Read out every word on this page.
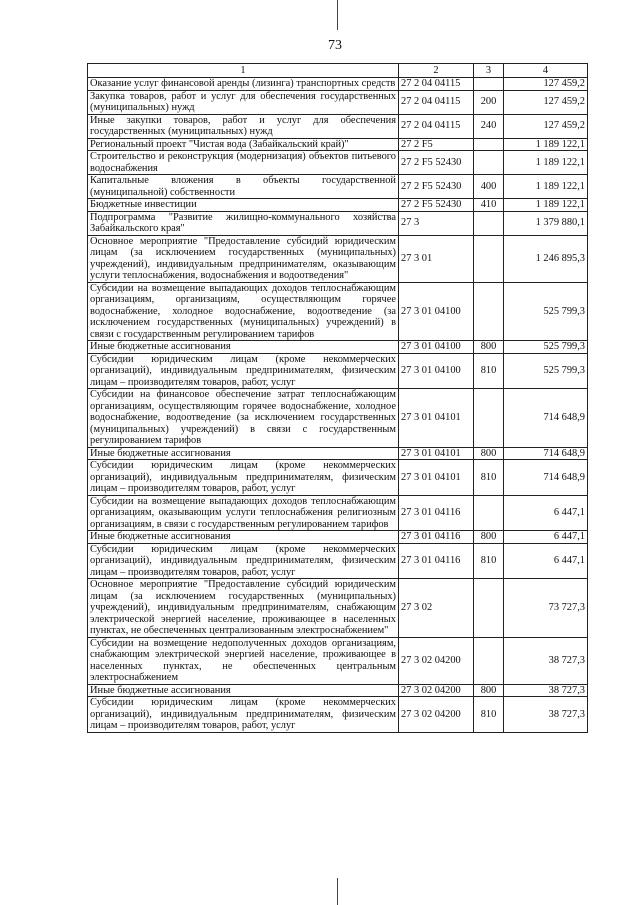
73
1	2	3	4
Оказание услуг финансовой аренды (лизинга) транспортных средств	27 2 04 04115		127 459,2
Закупка товаров, работ и услуг для обеспечения государственных (муниципальных) нужд	27 2 04 04115	200	127 459,2
Иные закупки товаров, работ и услуг для обеспечения государственных (муниципальных) нужд	27 2 04 04115	240	127 459,2
Региональный проект "Чистая вода (Забайкальский край)"	27 2 F5		1 189 122,1
Строительство и реконструкция (модернизация) объектов питьевого водоснабжения	27 2 F5 52430		1 189 122,1
Капитальные вложения в объекты государственной (муниципальной) собственности	27 2 F5 52430	400	1 189 122,1
Бюджетные инвестиции	27 2 F5 52430	410	1 189 122,1
Подпрограмма "Развитие жилищно-коммунального хозяйства Забайкальского края"	27 3		1 379 880,1
Основное мероприятие "Предоставление субсидий юридическим лицам (за исключением государственных (муниципальных) учреждений), индивидуальным предпринимателям, оказывающим услуги теплоснабжения, водоснабжения и водоотведения"	27 3 01		1 246 895,3
Субсидии на возмещение выпадающих доходов теплоснабжающим организациям, организациям, осуществляющим горячее водоснабжение, холодное водоснабжение, водоотведение (за исключением государственных (муниципальных) учреждений) в связи с государственным регулированием тарифов	27 3 01 04100		525 799,3
Иные бюджетные ассигнования	27 3 01 04100	800	525 799,3
Субсидии юридическим лицам (кроме некоммерческих организаций), индивидуальным предпринимателям, физическим лицам – производителям товаров, работ, услуг	27 3 01 04100	810	525 799,3
Субсидии на финансовое обеспечение затрат теплоснабжающим организациям, осуществляющим горячее водоснабжение, холодное водоснабжение, водоотведение (за исключением государственных (муниципальных) учреждений) в связи с государственным регулированием тарифов	27 3 01 04101		714 648,9
Иные бюджетные ассигнования	27 3 01 04101	800	714 648,9
Субсидии юридическим лицам (кроме некоммерческих организаций), индивидуальным предпринимателям, физическим лицам – производителям товаров, работ, услуг	27 3 01 04101	810	714 648,9
Субсидии на возмещение выпадающих доходов теплоснабжающим организациям, оказывающим услуги теплоснабжения религиозным организациям, в связи с государственным регулированием тарифов	27 3 01 04116		6 447,1
Иные бюджетные ассигнования	27 3 01 04116	800	6 447,1
Субсидии юридическим лицам (кроме некоммерческих организаций), индивидуальным предпринимателям, физическим лицам – производителям товаров, работ, услуг	27 3 01 04116	810	6 447,1
Основное мероприятие "Предоставление субсидий юридическим лицам (за исключением государственных (муниципальных) учреждений), индивидуальным предпринимателям, снабжающим электрической энергией население, проживающее в населенных пунктах, не обеспеченных централизованным электроснабжением"	27 3 02		73 727,3
Субсидии на возмещение недополученных доходов организациям, снабжающим электрической энергией население, проживающее в населенных пунктах, не обеспеченных центральным электроснабжением	27 3 02 04200		38 727,3
Иные бюджетные ассигнования	27 3 02 04200	800	38 727,3
Субсидии юридическим лицам (кроме некоммерческих организаций), индивидуальным предпринимателям, физическим лицам – производителям товаров, работ, услуг	27 3 02 04200	810	38 727,3
